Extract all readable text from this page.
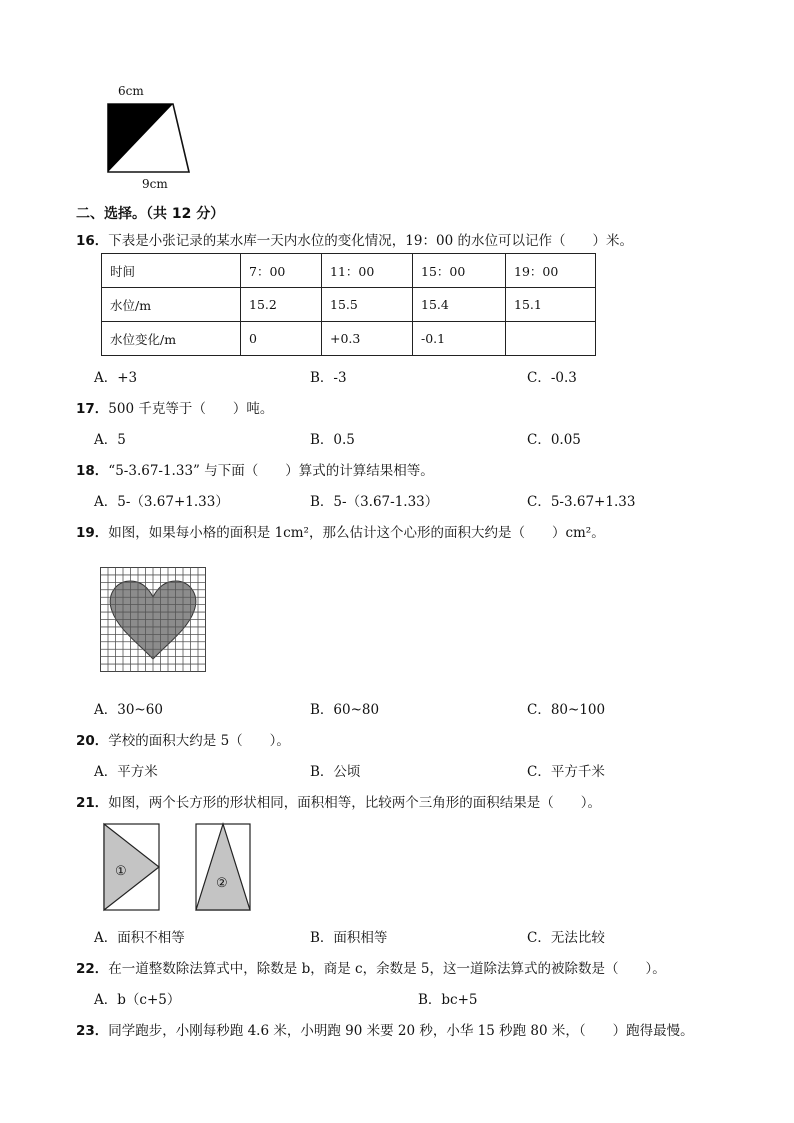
6cm
9cm
二、选择。（共 12 分）
16．下表是小张记录的某水库一天内水位的变化情况，19：00 的水位可以记作（　　）米。
时间	7：00	11：00	15：00	19：00
水位/m	15.2	15.5	15.4	15.1
水位变化/m	0	+0.3	-0.1	
A．+3	B．-3	C．-0.3
17．500 千克等于（　　）吨。
A．5	B．0.5	C．0.05
18．“5-3.67-1.33” 与下面（　　）算式的计算结果相等。
A．5-（3.67+1.33）	B．5-（3.67-1.33）	C．5-3.67+1.33
19．如图，如果每小格的面积是 1cm²，那么估计这个心形的面积大约是（　　）cm²。
A．30~60	B．60~80	C．80~100
20．学校的面积大约是 5（　　）。
A．平方米	B．公顷	C．平方千米
21．如图，两个长方形的形状相同，面积相等，比较两个三角形的面积结果是（　　）。
①
②
A．面积不相等	B．面积相等	C．无法比较
22．在一道整数除法算式中，除数是 b，商是 c，余数是 5，这一道除法算式的被除数是（　　）。
A．b（c+5）	B．bc+5
23．同学跑步，小刚每秒跑 4.6 米，小明跑 90 米要 20 秒，小华 15 秒跑 80 米，（　　）跑得最慢。
